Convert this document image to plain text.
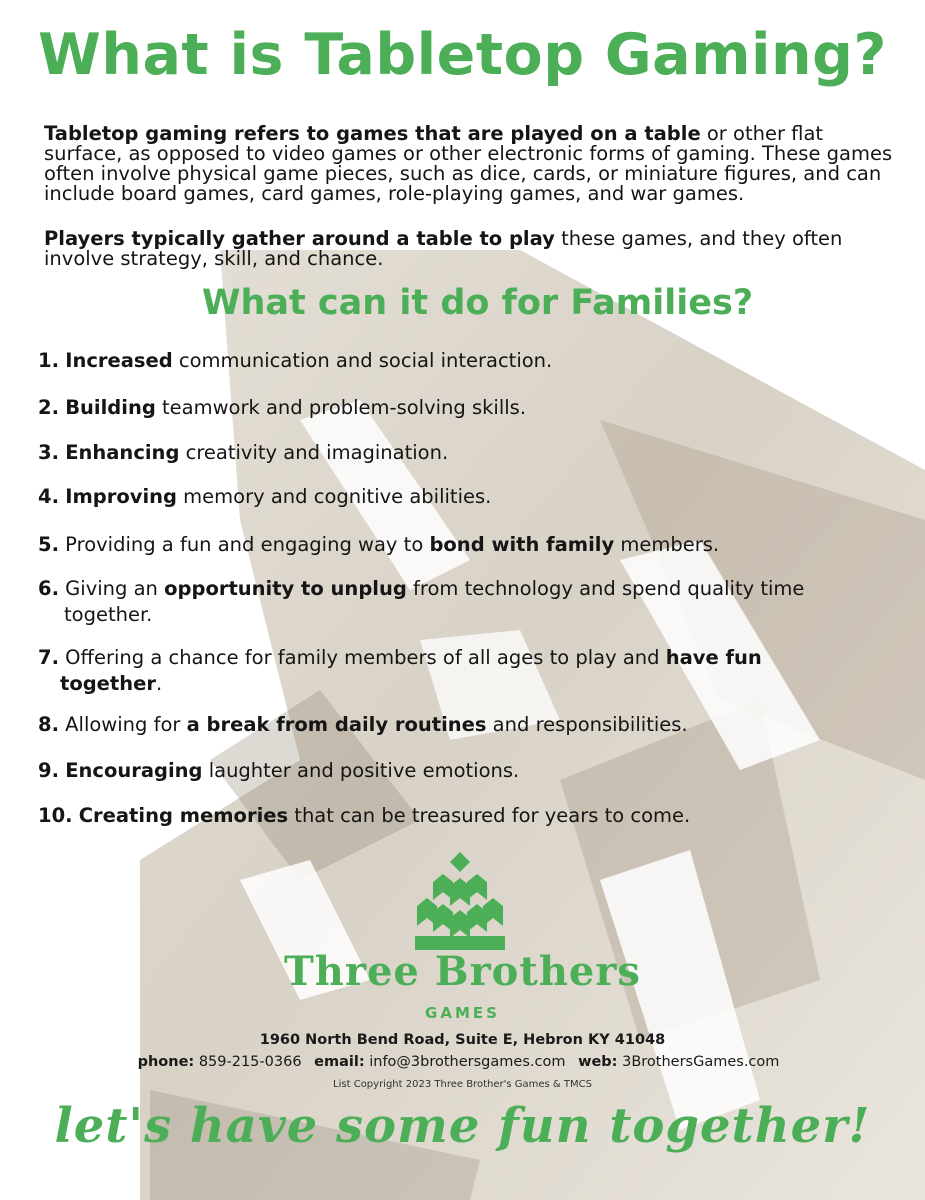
What is Tabletop Gaming?

Tabletop gaming refers to games that are played on a table or other flat surface, as opposed to video games or other electronic forms of gaming. These games often involve physical game pieces, such as dice, cards, or miniature figures, and can include board games, card games, role-playing games, and war games.

Players typically gather around a table to play these games, and they often involve strategy, skill, and chance.

What can it do for Families?
1. Increased communication and social interaction.
2. Building teamwork and problem-solving skills.
3. Enhancing creativity and imagination.
4. Improving memory and cognitive abilities.
5. Providing a fun and engaging way to bond with family members.
6. Giving an opportunity to unplug from technology and spend quality time
together.
7. Offering a chance for family members of all ages to play and have fun
together.
8. Allowing for a break from daily routines and responsibilities.
9. Encouraging laughter and positive emotions.
10. Creating memories that can be treasured for years to come.
Three Brothers
GAMES
1960 North Bend Road, Suite E, Hebron KY 41048
phone: 859-215-0366 email: info@3brothersgames.com web: 3BrothersGames.com
List Copyright 2023 Three Brother's Games & TMCS
let's have some fun together!
